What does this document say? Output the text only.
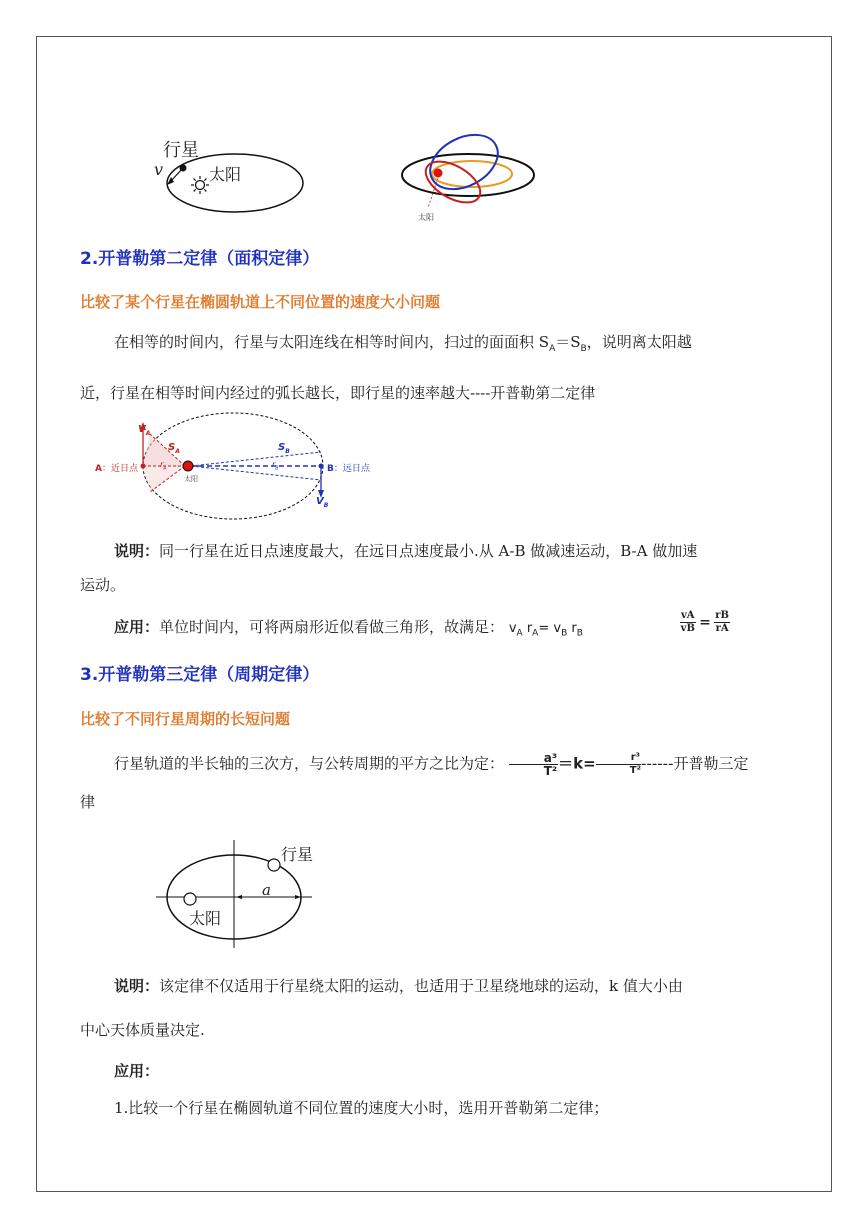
行星
太阳
v
太阳
2.开普勒第二定律（面积定律）
比较了某个行星在椭圆轨道上不同位置的速度大小问题
在相等的时间内，行星与太阳连线在相等时间内，扫过的面面积 $S_A=S_B$，说明离太阳越
近，行星在相等时间内经过的弧长越长，即行星的速率越大----开普勒第二定律
$V_A$
$S_A$	$S_B$
A：近日点	B：远日点
$r_A$	$r_B$
太阳
$V_B$
说明：同一行星在近日点速度最大，在远日点速度最小.从 A-B 做减速运动，B-A 做加速
运动。
应用：单位时间内，可将两扇形近似看做三角形，故满足： $v_A$ $r_A= v_B$ $r_B$	$\frac{vA}{vB} = \frac{rB}{rA}$
3.开普勒第三定律（周期定律）
比较了不同行星周期的长短问题
行星轨道的半长轴的三次方，与公转周期的平方之比为定： $\frac{\text{a³}}{\text{T²}} =k= \frac{\text{r³}}{\text{T²}}$ ------开普勒三定
律
行星
太阳
a
说明：该定律不仅适用于行星绕太阳的运动，也适用于卫星绕地球的运动，k 值大小由
中心天体质量决定.
应用：
1.比较一个行星在椭圆轨道不同位置的速度大小时，选用开普勒第二定律；
